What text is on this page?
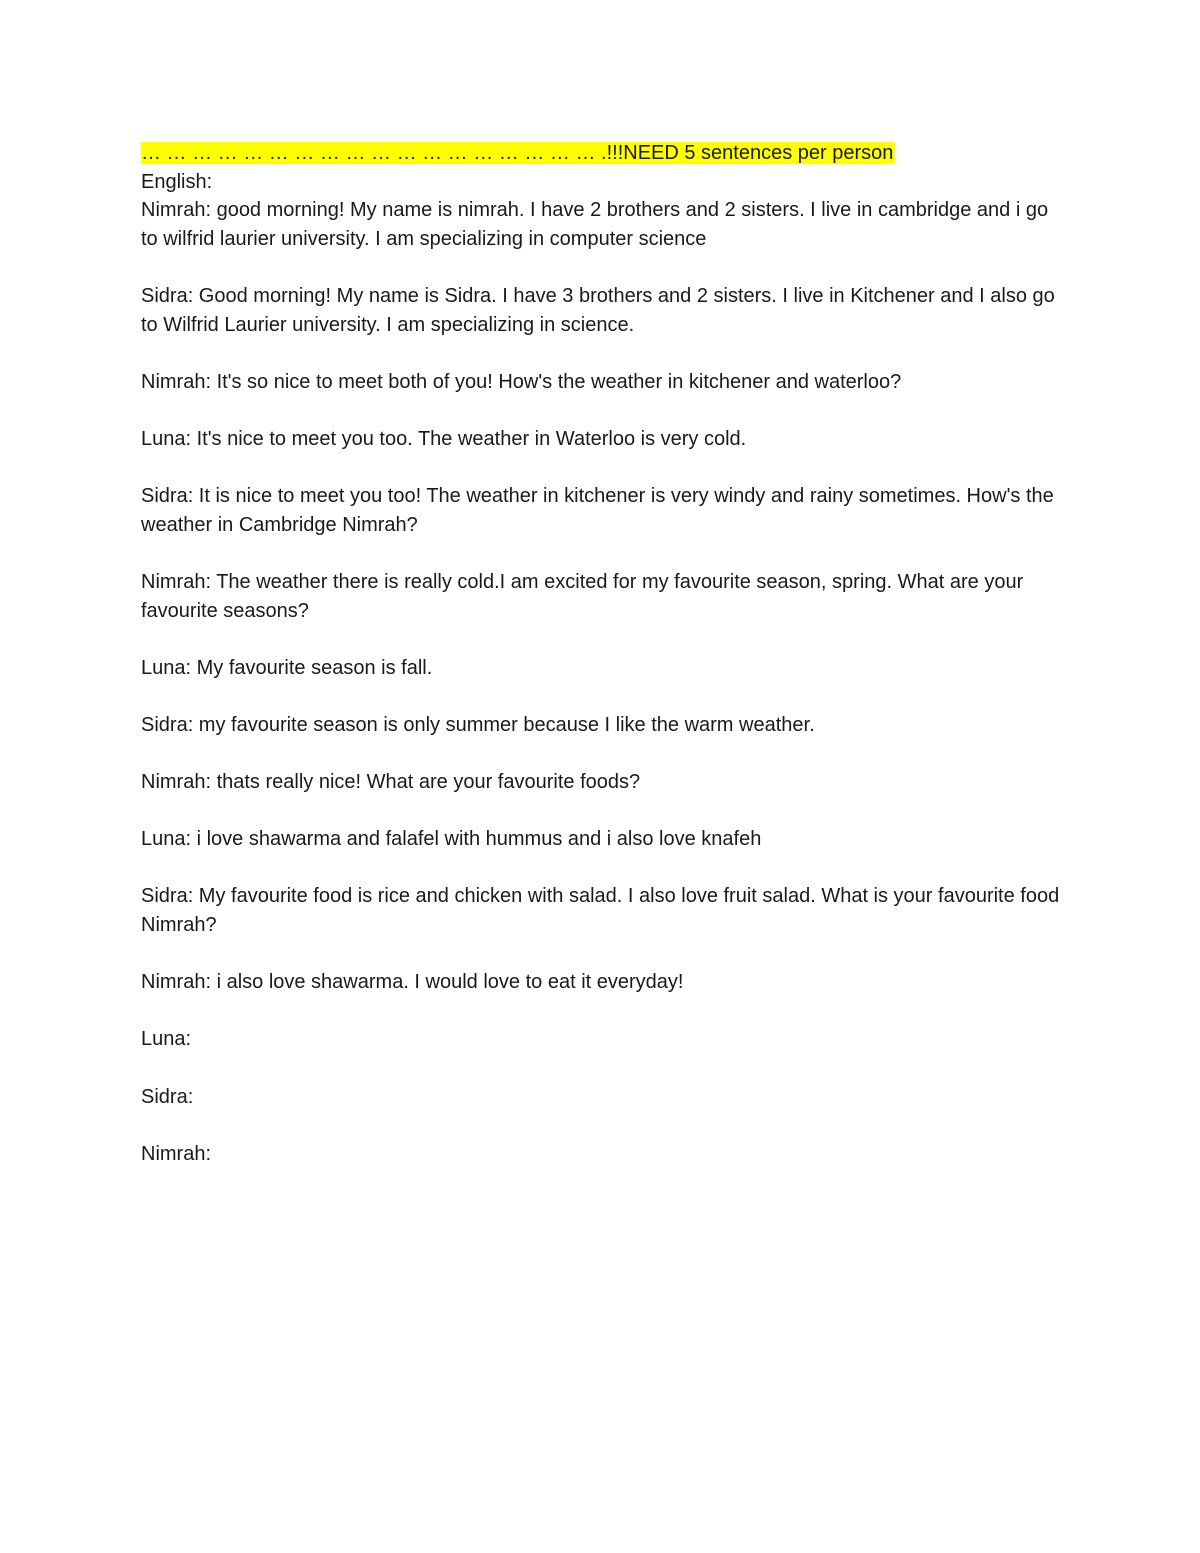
… … … … … … … … … … … … … … … … … … .!!!NEED 5 sentences per person

English:

Nimrah: good morning! My name is nimrah. I have 2 brothers and 2 sisters. I live in cambridge and i go to wilfrid laurier university. I am specializing in computer science

Sidra: Good morning! My name is Sidra. I have 3 brothers and 2 sisters. I live in Kitchener and I also go to Wilfrid Laurier university. I am specializing in science.

Nimrah: It's so nice to meet both of you! How's the weather in kitchener and waterloo?

Luna: It's nice to meet you too. The weather in Waterloo is very cold.

Sidra: It is nice to meet you too! The weather in kitchener is very windy and rainy sometimes. How's the weather in Cambridge Nimrah?

Nimrah: The weather there is really cold.I am excited for my favourite season, spring. What are your favourite seasons?

Luna: My favourite season is fall.

Sidra: my favourite season is only summer because I like the warm weather.

Nimrah: thats really nice! What are your favourite foods?

Luna: i love shawarma and falafel with hummus and i also love knafeh

Sidra: My favourite food is rice and chicken with salad. I also love fruit salad. What is your favourite food Nimrah?

Nimrah: i also love shawarma. I would love to eat it everyday!

Luna:

Sidra:

Nimrah:
